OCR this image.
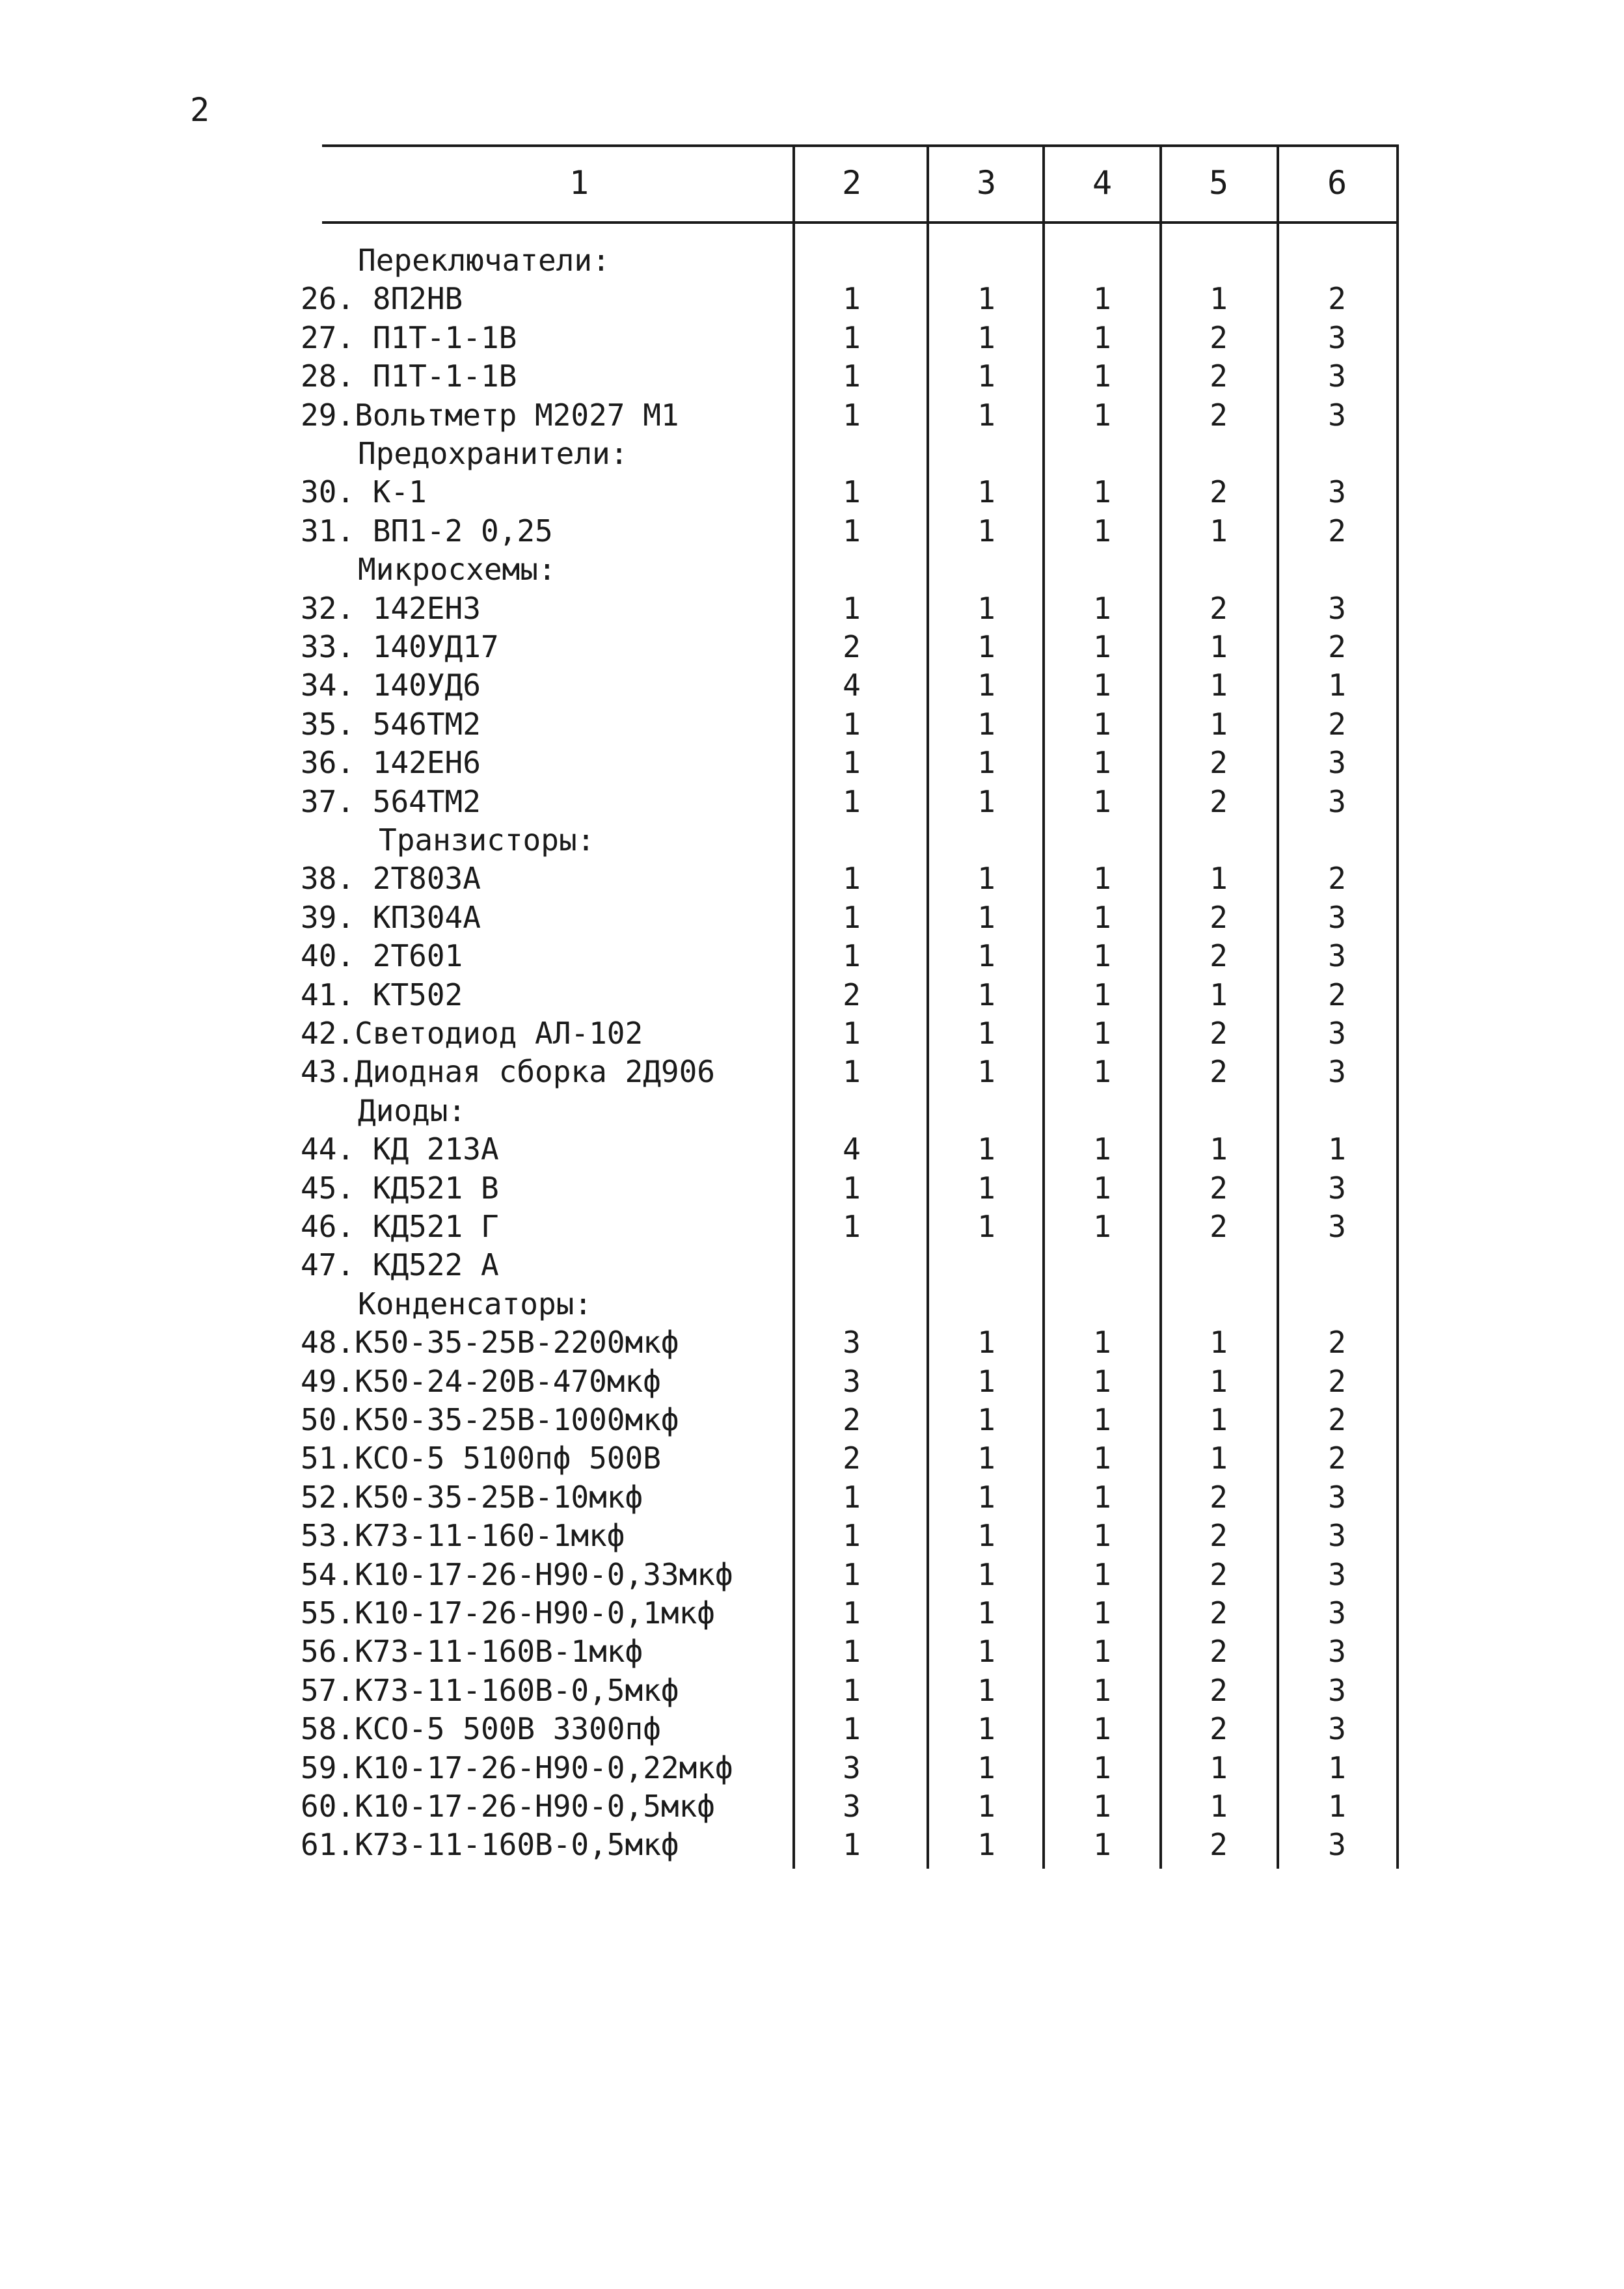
2
1	2	3	4	5	6
Переключатели:
26. 8П2НВ	1	1	1	1	2
27. П1Т-1-1В	1	1	1	2	3
28. П1Т-1-1В	1	1	1	2	3
29.Вольтметр М2027 М1	1	1	1	2	3
Предохранители:
30. К-1	1	1	1	2	3
31. ВП1-2 0,25	1	1	1	1	2
Микросхемы:
32. 142ЕН3	1	1	1	2	3
33. 140УД17	2	1	1	1	2
34. 140УД6	4	1	1	1	1
35. 546ТМ2	1	1	1	1	2
36. 142ЕН6	1	1	1	2	3
37. 564ТМ2	1	1	1	2	3
Транзисторы:
38. 2Т803А	1	1	1	1	2
39. КП304А	1	1	1	2	3
40. 2Т601	1	1	1	2	3
41. КТ502	2	1	1	1	2
42.Светодиод АЛ-102	1	1	1	2	3
43.Диодная сборка 2Д906	1	1	1	2	3
Диоды:
44. КД 213А	4	1	1	1	1
45. КД521 В	1	1	1	2	3
46. КД521 Г	1	1	1	2	3
47. КД522 А
Конденсаторы:
48.К50-35-25В-2200мкф	3	1	1	1	2
49.К50-24-20В-470мкф	3	1	1	1	2
50.К50-35-25В-1000мкф	2	1	1	1	2
51.КСО-5 5100пф 500В	2	1	1	1	2
52.К50-35-25В-10мкф	1	1	1	2	3
53.К73-11-160-1мкф	1	1	1	2	3
54.К10-17-26-Н90-0,33мкф	1	1	1	2	3
55.К10-17-26-Н90-0,1мкф	1	1	1	2	3
56.К73-11-160В-1мкф	1	1	1	2	3
57.К73-11-160В-0,5мкф	1	1	1	2	3
58.КСО-5 500В 3300пф	1	1	1	2	3
59.К10-17-26-Н90-0,22мкф	3	1	1	1	1
60.К10-17-26-Н90-0,5мкф	3	1	1	1	1
61.К73-11-160В-0,5мкф	1	1	1	2	3
